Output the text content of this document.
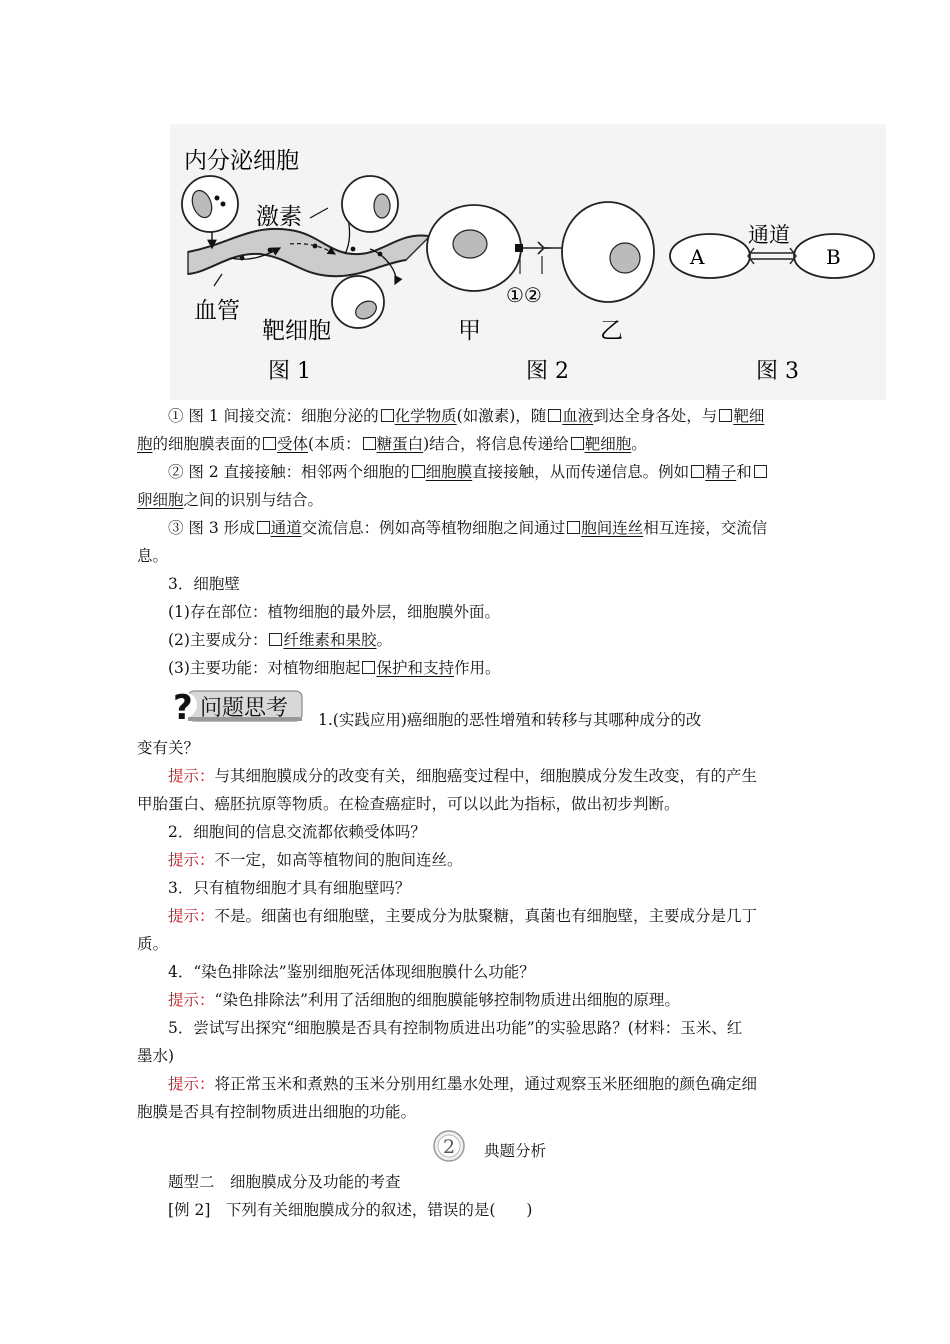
内分泌细胞
激素
血管
靶细胞
图 1
①②
甲	乙
图 2
A	B
通道
图 3
① 图 1 间接交流：细胞分泌的 化学物质(如激素)，随 血液到达全身各处，与 靶细
胞的细胞膜表面的 受体(本质： 糖蛋白)结合，将信息传递给 靶细胞。
② 图 2 直接接触：相邻两个细胞的 细胞膜直接接触，从而传递信息。例如 精子和
卵细胞之间的识别与结合。
③ 图 3 形成 通道交流信息：例如高等植物细胞之间通过 胞间连丝相互连接，交流信
息。
3．细胞壁
(1)存在部位：植物细胞的最外层，细胞膜外面。
(2)主要成分： 纤维素和果胶。
(3)主要功能：对植物细胞起 保护和支持作用。
? 问题思考 1.(实践应用)癌细胞的恶性增殖和转移与其哪种成分的改
变有关？
提示：与其细胞膜成分的改变有关，细胞癌变过程中，细胞膜成分发生改变，有的产生
甲胎蛋白、癌胚抗原等物质。在检查癌症时，可以以此为指标，做出初步判断。
2．细胞间的信息交流都依赖受体吗？
提示：不一定，如高等植物间的胞间连丝。
3．只有植物细胞才具有细胞壁吗？
提示：不是。细菌也有细胞壁，主要成分为肽聚糖，真菌也有细胞壁，主要成分是几丁
质。
4．“染色排除法”鉴别细胞死活体现细胞膜什么功能？
提示：“染色排除法”利用了活细胞的细胞膜能够控制物质进出细胞的原理。
5．尝试写出探究“细胞膜是否具有控制物质进出功能”的实验思路？(材料：玉米、红
墨水)
提示：将正常玉米和煮熟的玉米分别用红墨水处理，通过观察玉米胚细胞的颜色确定细
胞膜是否具有控制物质进出细胞的功能。
2 典题分析
题型二　细胞膜成分及功能的考查
[例 2]　下列有关细胞膜成分的叙述，错误的是(　　)
